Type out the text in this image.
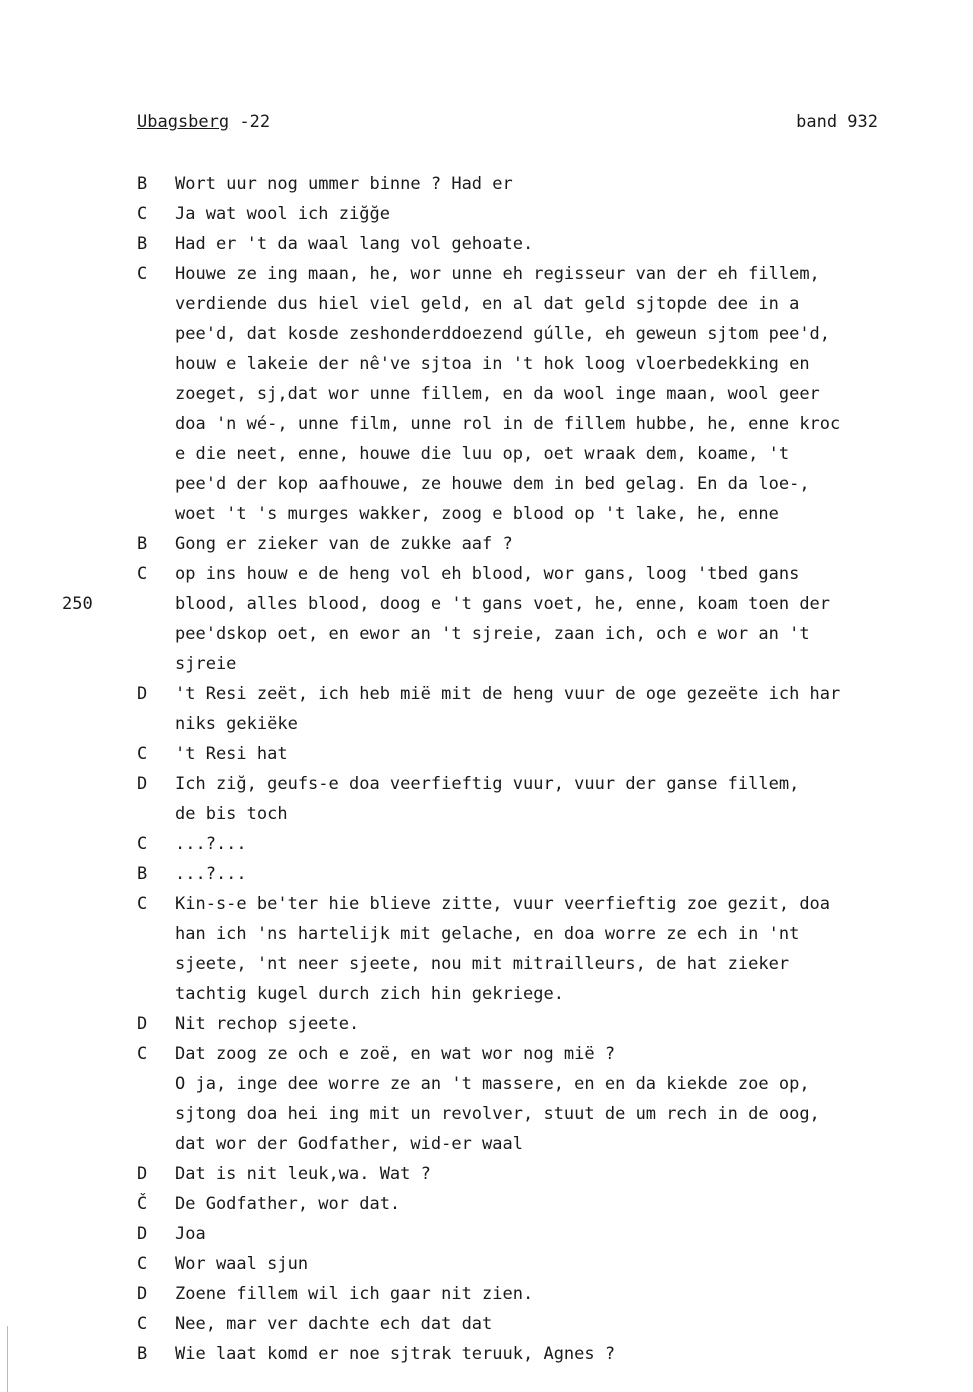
Ubagsberg -22	band 932
B	Wort uur nog ummer binne ? Had er
C	Ja wat wool ich ziğğe
B	Had er 't da waal lang vol gehoate.
C	Houwe ze ing maan, he, wor unne eh regisseur van der eh fillem,
verdiende dus hiel viel geld, en al dat geld sjtopde dee in a
pee'd, dat kosde zeshonderddoezend gúlle, eh geweun sjtom pee'd,
houw e lakeie der nê've sjtoa in 't hok loog vloerbedekking en
zoeget, sj,dat wor unne fillem, en da wool inge maan, wool geer
doa 'n wé-, unne film, unne rol in de fillem hubbe, he, enne kroc
e die neet, enne, houwe die luu op, oet wraak dem, koame, 't
pee'd der kop aafhouwe, ze houwe dem in bed gelag. En da loe-,
woet 't 's murges wakker, zoog e blood op 't lake, he, enne
B	Gong er zieker van de zukke aaf ?
C	op ins houw e de heng vol eh blood, wor gans, loog 'tbed gans
250	blood, alles blood, doog e 't gans voet, he, enne, koam toen der
pee'dskop oet, en ewor an 't sjreie, zaan ich, och e wor an 't
sjreie
D	't Resi zeët, ich heb mië mit de heng vuur de oge gezeëte ich har
niks gekiëke
C	't Resi hat
D	Ich ziğ, geufs-e doa veerfieftig vuur, vuur der ganse fillem,
de bis toch
C	...?...
B	...?...
C	Kin-s-e be'ter hie blieve zitte, vuur veerfieftig zoe gezit, doa
han ich 'ns hartelijk mit gelache, en doa worre ze ech in 'nt
sjeete, 'nt neer sjeete, nou mit mitrailleurs, de hat zieker
tachtig kugel durch zich hin gekriege.
D	Nit rechop sjeete.
C	Dat zoog ze och e zoë, en wat wor nog mië ?
O ja, inge dee worre ze an 't massere, en en da kiekde zoe op,
sjtong doa hei ing mit un revolver, stuut de um rech in de oog,
dat wor der Godfather, wid-er waal
D	Dat is nit leuk,wa. Wat ?
Č	De Godfather, wor dat.
D	Joa
C	Wor waal sjun
D	Zoene fillem wil ich gaar nit zien.
C	Nee, mar ver dachte ech dat dat
B	Wie laat komd er noe sjtrak teruuk, Agnes ?
